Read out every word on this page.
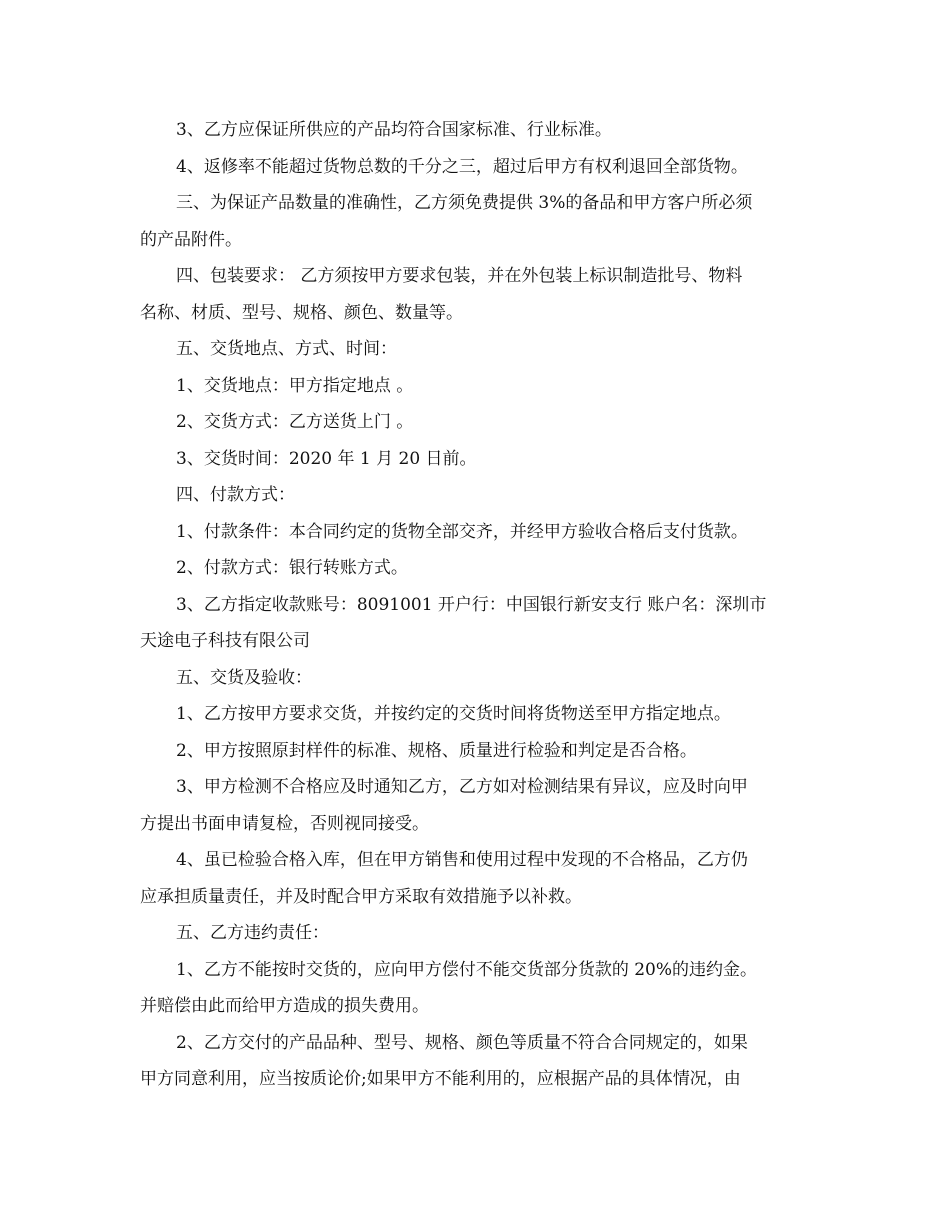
3、乙方应保证所供应的产品均符合国家标准、行业标准。
4、返修率不能超过货物总数的千分之三，超过后甲方有权利退回全部货物。
三、为保证产品数量的准确性，乙方须免费提供 3%的备品和甲方客户所必须
的产品附件。
四、包装要求： 乙方须按甲方要求包装，并在外包装上标识制造批号、物料
名称、材质、型号、规格、颜色、数量等。
五、交货地点、方式、时间：
1、交货地点：甲方指定地点 。
2、交货方式：乙方送货上门 。
3、交货时间：2020 年 1 月 20 日前。
四、付款方式：
1、付款条件：本合同约定的货物全部交齐，并经甲方验收合格后支付货款。
2、付款方式：银行转账方式。
3、乙方指定收款账号：8091001 开户行：中国银行新安支行 账户名：深圳市
天途电子科技有限公司
五、交货及验收：
1、乙方按甲方要求交货，并按约定的交货时间将货物送至甲方指定地点。
2、甲方按照原封样件的标准、规格、质量进行检验和判定是否合格。
3、甲方检测不合格应及时通知乙方，乙方如对检测结果有异议，应及时向甲
方提出书面申请复检，否则视同接受。
4、虽已检验合格入库，但在甲方销售和使用过程中发现的不合格品，乙方仍
应承担质量责任，并及时配合甲方采取有效措施予以补救。
五、乙方违约责任：
1、乙方不能按时交货的，应向甲方偿付不能交货部分货款的 20%的违约金。
并赔偿由此而给甲方造成的损失费用。
2、乙方交付的产品品种、型号、规格、颜色等质量不符合合同规定的，如果
甲方同意利用，应当按质论价;如果甲方不能利用的，应根据产品的具体情况，由
